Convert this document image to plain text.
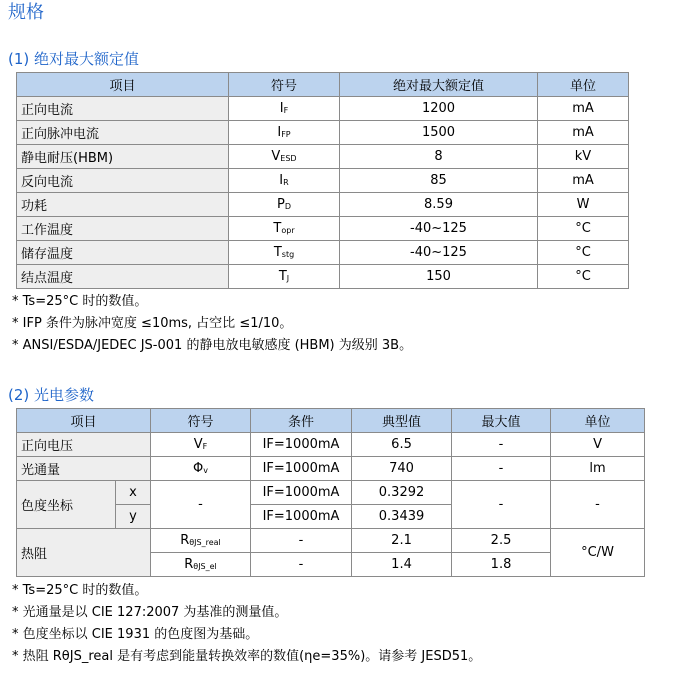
规格
(1) 绝对最大额定值
项目	符号	绝对最大额定值	单位
正向电流	$I_F$	1200	mA
正向脉冲电流	$I_{FP}$	1500	mA
静电耐压(HBM)	$V_{ESD}$	8	kV
反向电流	$I_R$	85	mA
功耗	$P_D$	8.59	W
工作温度	$T_{opr}$	-40~125	°C
储存温度	$T_{stg}$	-40~125	°C
结点温度	$T_J$	150	°C
* Ts=25°C 时的数值。
* IFP 条件为脉冲宽度 ≤10ms, 占空比 ≤1/10。
* ANSI/ESDA/JEDEC JS-001 的静电放电敏感度 (HBM) 为级别 3B。
(2) 光电参数
项目		符号	条件	典型值	最大值	单位
正向电压		$V_F$	IF=1000mA	6.5	-	V
光通量		$\Phi_v$	IF=1000mA	740	-	lm
色度坐标	x	-	IF=1000mA	0.3292	-	-
	y		IF=1000mA	0.3439		
热阻		$R_{\theta JS\_real}$	-	2.1	2.5	°C/W
		$R_{\theta JS\_el}$	-	1.4	1.8	
* Ts=25°C 时的数值。
* 光通量是以 CIE 127:2007 为基准的测量值。
* 色度坐标以 CIE 1931 的色度图为基础。
* 热阻 RθJS_real 是有考虑到能量转换效率的数值(ηe=35%)。请参考 JESD51。
